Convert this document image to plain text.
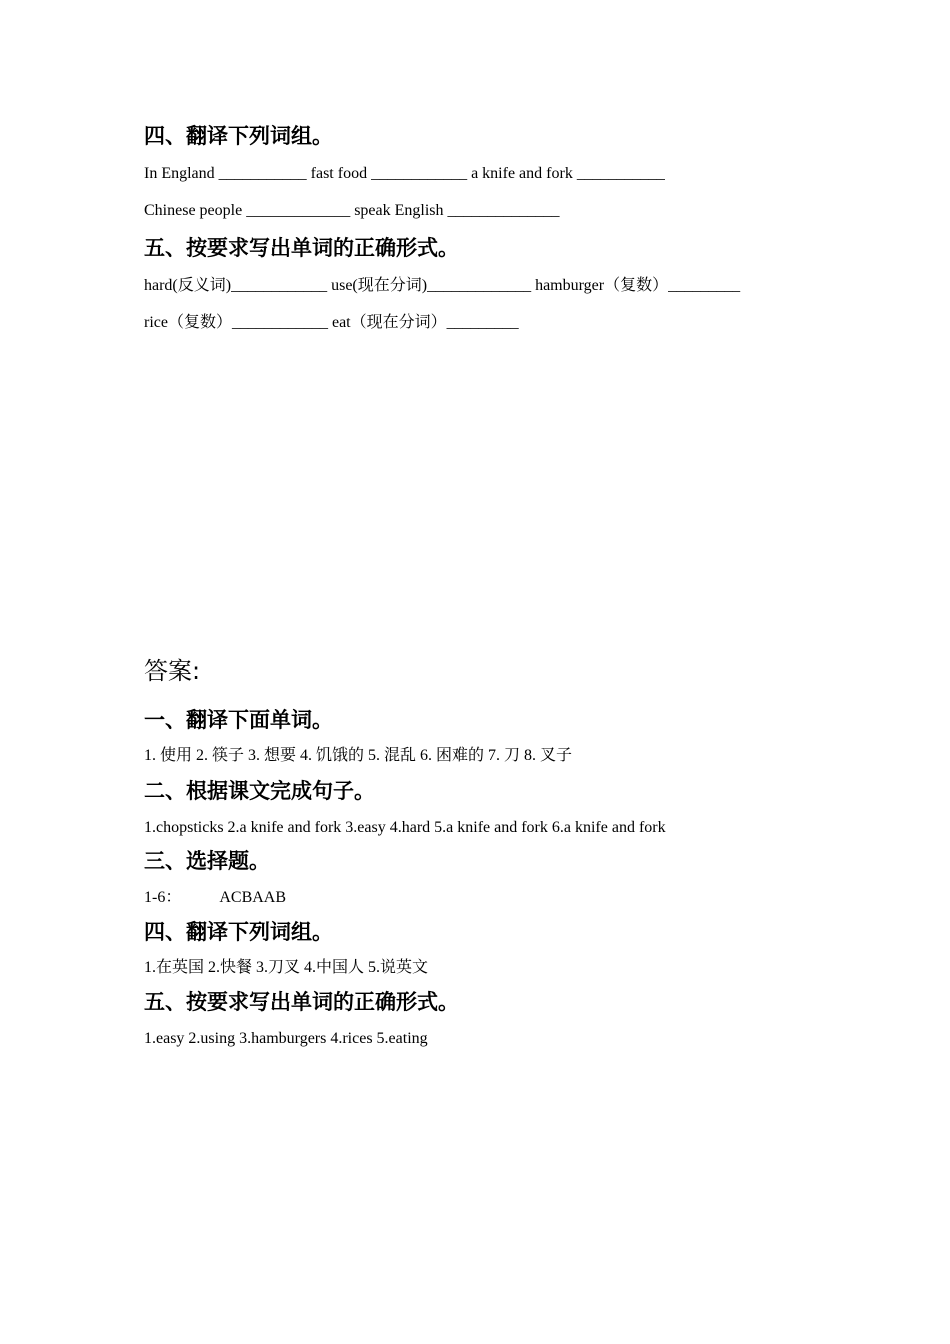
四、翻译下列词组。

In England ___________ fast food ____________ a knife and fork ___________

Chinese people _____________ speak English ______________

五、按要求写出单词的正确形式。

hard(反义词)____________ use(现在分词)_____________ hamburger（复数）_________

rice（复数）____________ eat（现在分词）_________

答案:
一、翻译下面单词。

1. 使用 2. 筷子 3. 想要 4. 饥饿的 5. 混乱 6. 困难的 7. 刀 8. 叉子

二、根据课文完成句子。

1.chopsticks 2.a knife and fork 3.easy 4.hard 5.a knife and fork 6.a knife and fork

三、选择题。

1-6： ACBAAB

四、翻译下列词组。

1.在英国 2.快餐 3.刀叉 4.中国人 5.说英文

五、按要求写出单词的正确形式。

1.easy 2.using 3.hamburgers 4.rices 5.eating
